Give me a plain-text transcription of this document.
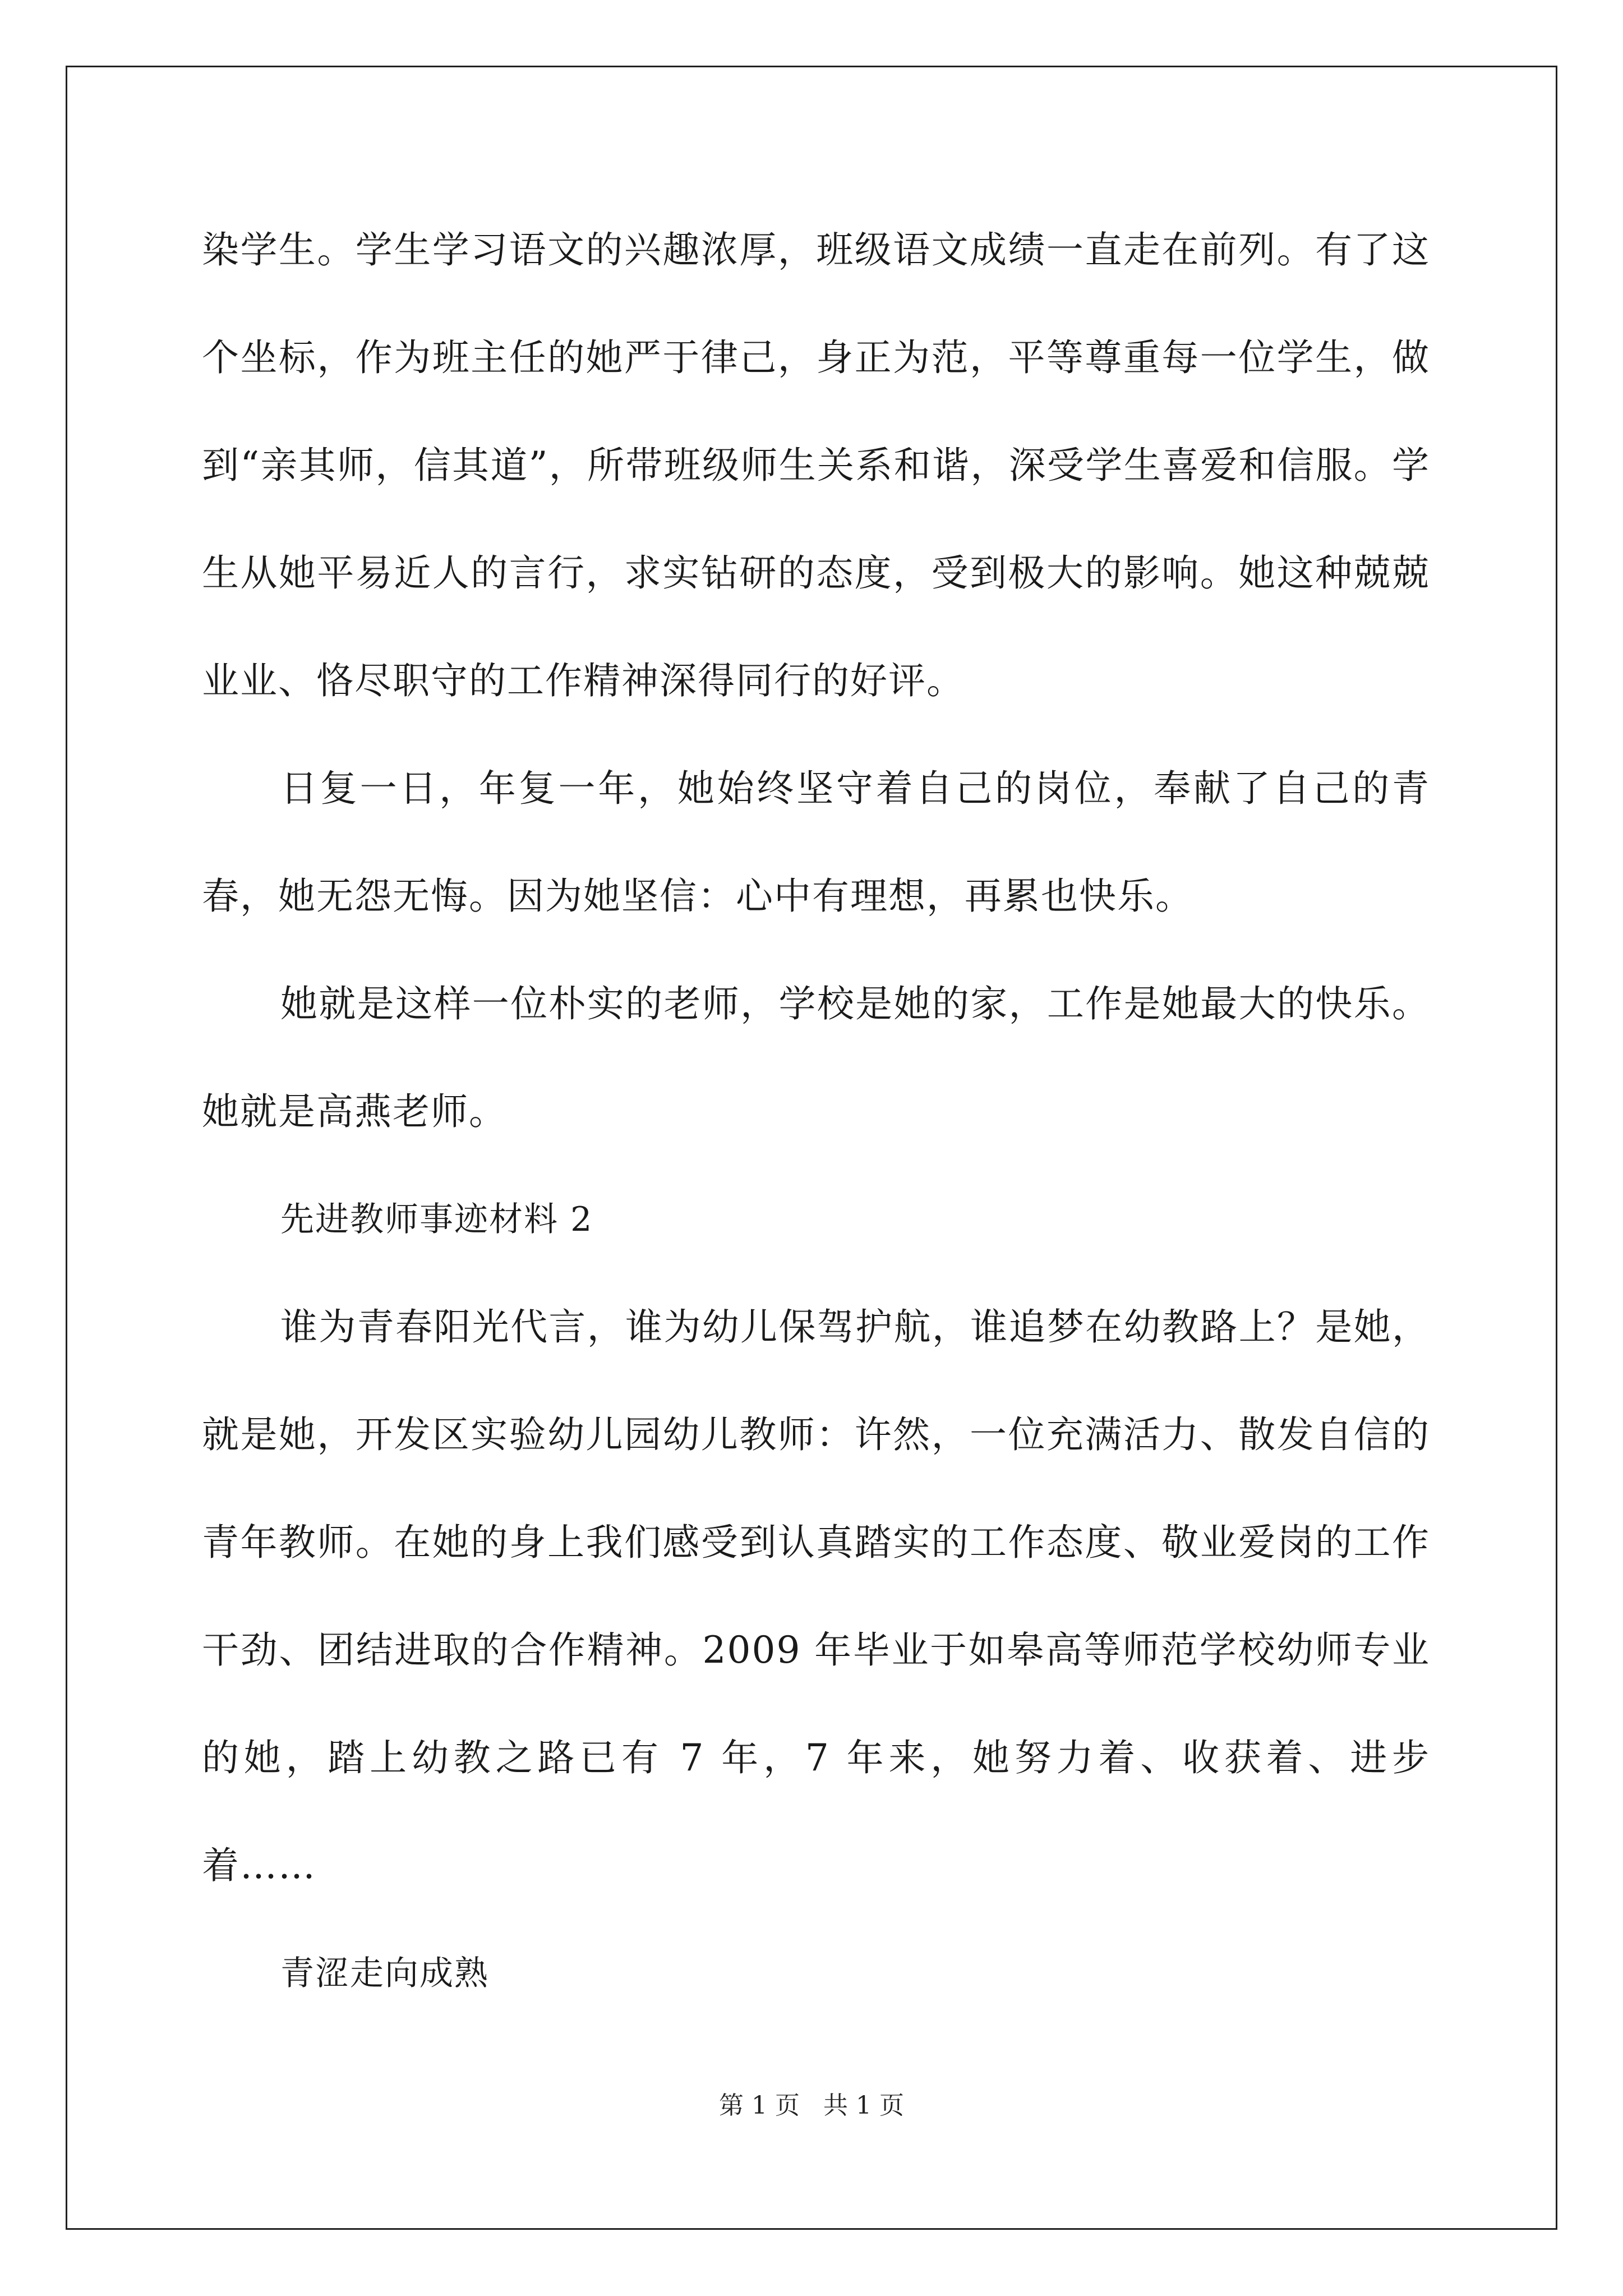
染学生。学生学习语文的兴趣浓厚，班级语文成绩一直走在前列。有了这个坐标，作为班主任的她严于律己，身正为范，平等尊重每一位学生，做到“亲其师，信其道”，所带班级师生关系和谐，深受学生喜爱和信服。学生从她平易近人的言行，求实钻研的态度，受到极大的影响。她这种兢兢业业、恪尽职守的工作精神深得同行的好评。

日复一日，年复一年，她始终坚守着自己的岗位，奉献了自己的青春，她无怨无悔。因为她坚信：心中有理想，再累也快乐。

她就是这样一位朴实的老师，学校是她的家，工作是她最大的快乐。她就是高燕老师。

先进教师事迹材料 2

谁为青春阳光代言，谁为幼儿保驾护航，谁追梦在幼教路上？是她，就是她，开发区实验幼儿园幼儿教师：许然，一位充满活力、散发自信的青年教师。在她的身上我们感受到认真踏实的工作态度、敬业爱岗的工作干劲、团结进取的合作精神。2009 年毕业于如皋高等师范学校幼师专业的她，踏上幼教之路已有 7 年，7 年来，她努力着、收获着、进步着……

青涩走向成熟

第 1 页 共 1 页
